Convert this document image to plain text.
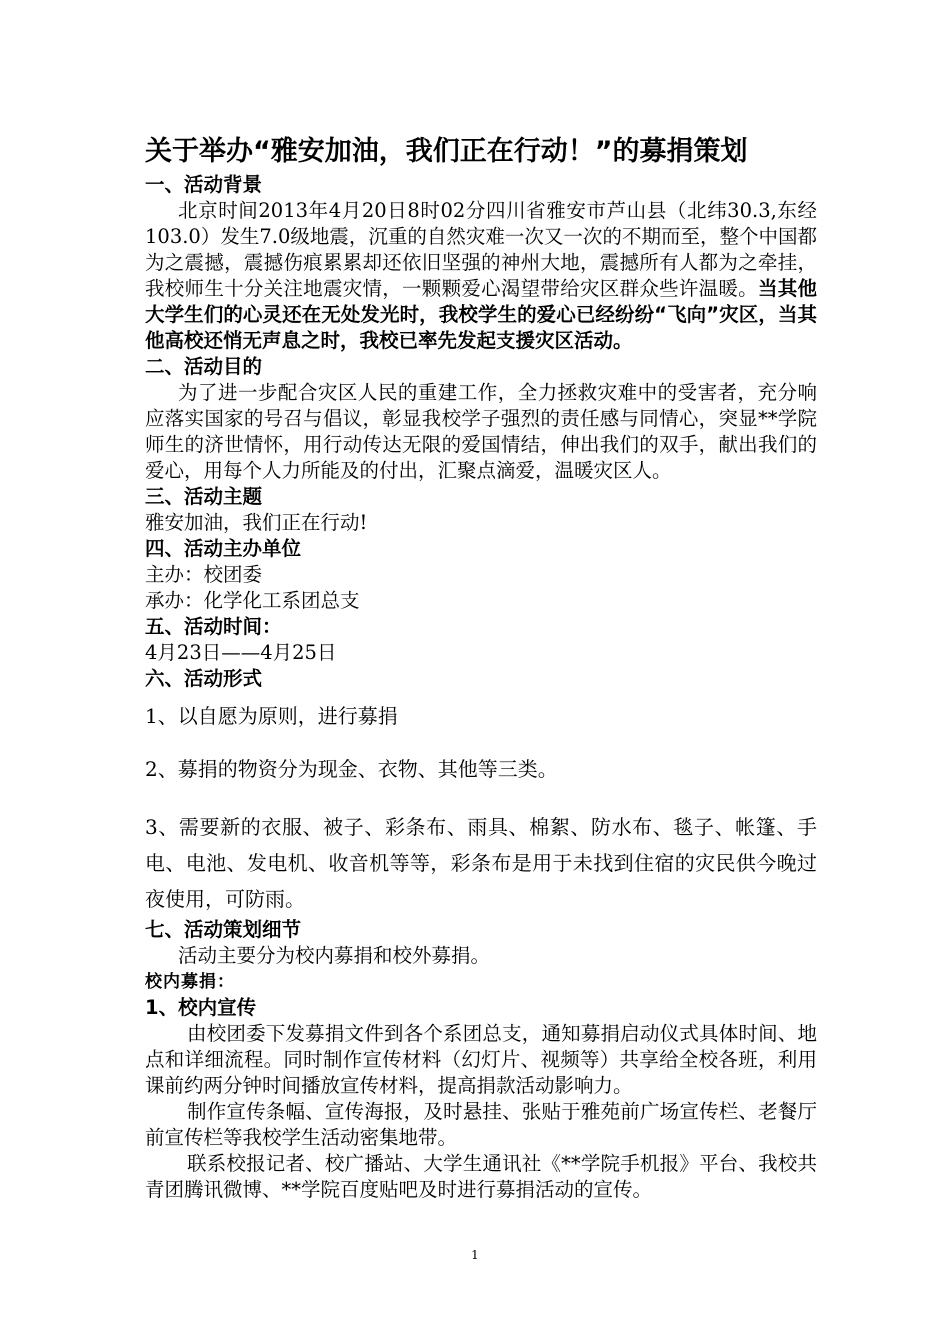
关于举办“雅安加油，我们正在行动！”的募捐策划
一、活动背景

北京时间2013年4月20日8时02分四川省雅安市芦山县（北纬30.3,东经103.0）发生7.0级地震，沉重的自然灾难一次又一次的不期而至，整个中国都为之震撼，震撼伤痕累累却还依旧坚强的神州大地，震撼所有人都为之牵挂，我校师生十分关注地震灾情，一颗颗爱心渴望带给灾区群众些许温暖。当其他大学生们的心灵还在无处发光时，我校学生的爱心已经纷纷“飞向”灾区，当其他高校还悄无声息之时，我校已率先发起支援灾区活动。

二、活动目的

为了进一步配合灾区人民的重建工作，全力拯救灾难中的受害者，充分响应落实国家的号召与倡议，彰显我校学子强烈的责任感与同情心，突显**学院师生的济世情怀，用行动传达无限的爱国情结，伸出我们的双手，献出我们的爱心，用每个人力所能及的付出，汇聚点滴爱，温暖灾区人。

三、活动主题

雅安加油，我们正在行动!

四、活动主办单位

主办：校团委

承办：化学化工系团总支

五、活动时间：

4月23日——4月25日

六、活动形式

1、以自愿为原则，进行募捐

2、募捐的物资分为现金、衣物、其他等三类。

3、需要新的衣服、被子、彩条布、雨具、棉絮、防水布、毯子、帐篷、手电、电池、发电机、收音机等等，彩条布是用于未找到住宿的灾民供今晚过夜使用，可防雨。

七、活动策划细节

活动主要分为校内募捐和校外募捐。

校内募捐：
1、校内宣传

由校团委下发募捐文件到各个系团总支，通知募捐启动仪式具体时间、地点和详细流程。同时制作宣传材料（幻灯片、视频等）共享给全校各班，利用课前约两分钟时间播放宣传材料，提高捐款活动影响力。

制作宣传条幅、宣传海报，及时悬挂、张贴于雅苑前广场宣传栏、老餐厅前宣传栏等我校学生活动密集地带。

联系校报记者、校广播站、大学生通讯社《**学院手机报》平台、我校共青团腾讯微博、**学院百度贴吧及时进行募捐活动的宣传。

1
